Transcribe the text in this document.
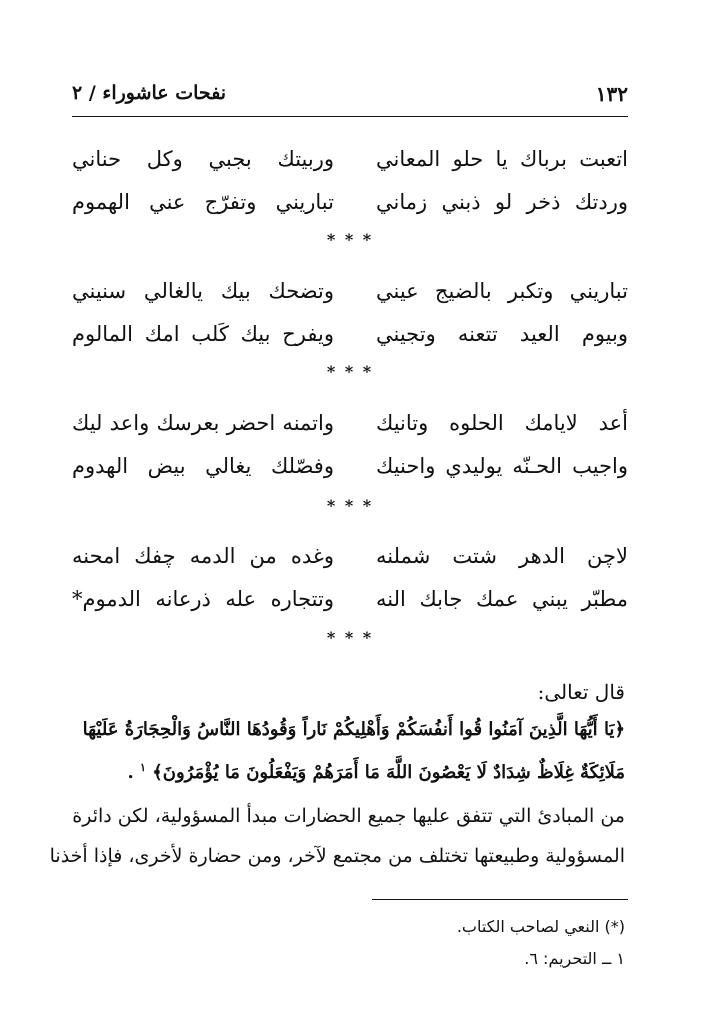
١٣٢
نفحات عاشوراء / ٢
اتعبت برباك يا حلو المعاني
وربيتك بجبي وكل حناني
وردتك ذخر لو ذبني زماني
تباريني وتفرّج عني الهموم
* * *
تباريني وتكبر بالضيج عيني
وتضحك بيك يالغالي سنيني
وبيوم العيد تتعنه وتجيني
ويفرح بيك كَلب امك المالوم
* * *
أعد لايامك الحلوه وتانيك
واتمنه احضر بعرسك واعد ليك
واجيب الحـنّه يوليدي واحنيك
وفصّلك يغالي بيض الهدوم
* * *
لاچن الدهر شتت شملنه
وغده من الدمه چفك امحنه
مطبّر يبني عمك جابك النه
وتتجاره عله ذرعانه الدموم*
* * *
قال تعالى:
﴿يَا أَيُّهَا الَّذِينَ آمَنُوا قُوا أَنفُسَكُمْ وَأَهْلِيكُمْ نَاراً وَقُودُهَا النَّاسُ وَالْحِجَارَةُ عَلَيْهَا
مَلَائِكَةٌ غِلَاظٌ شِدَادٌ لَا يَعْصُونَ اللَّهَ مَا أَمَرَهُمْ وَيَفْعَلُونَ مَا يُؤْمَرُونَ﴾ $^١$ .
من المبادئ التي تتفق عليها جميع الحضارات مبدأ المسؤولية، لكن دائرة
المسؤولية وطبيعتها تختلف من مجتمع لآخر، ومن حضارة لأخرى، فإذا أخذنا
(*) النعي لصاحب الكتاب.
١ ــ التحريم: ٦.
